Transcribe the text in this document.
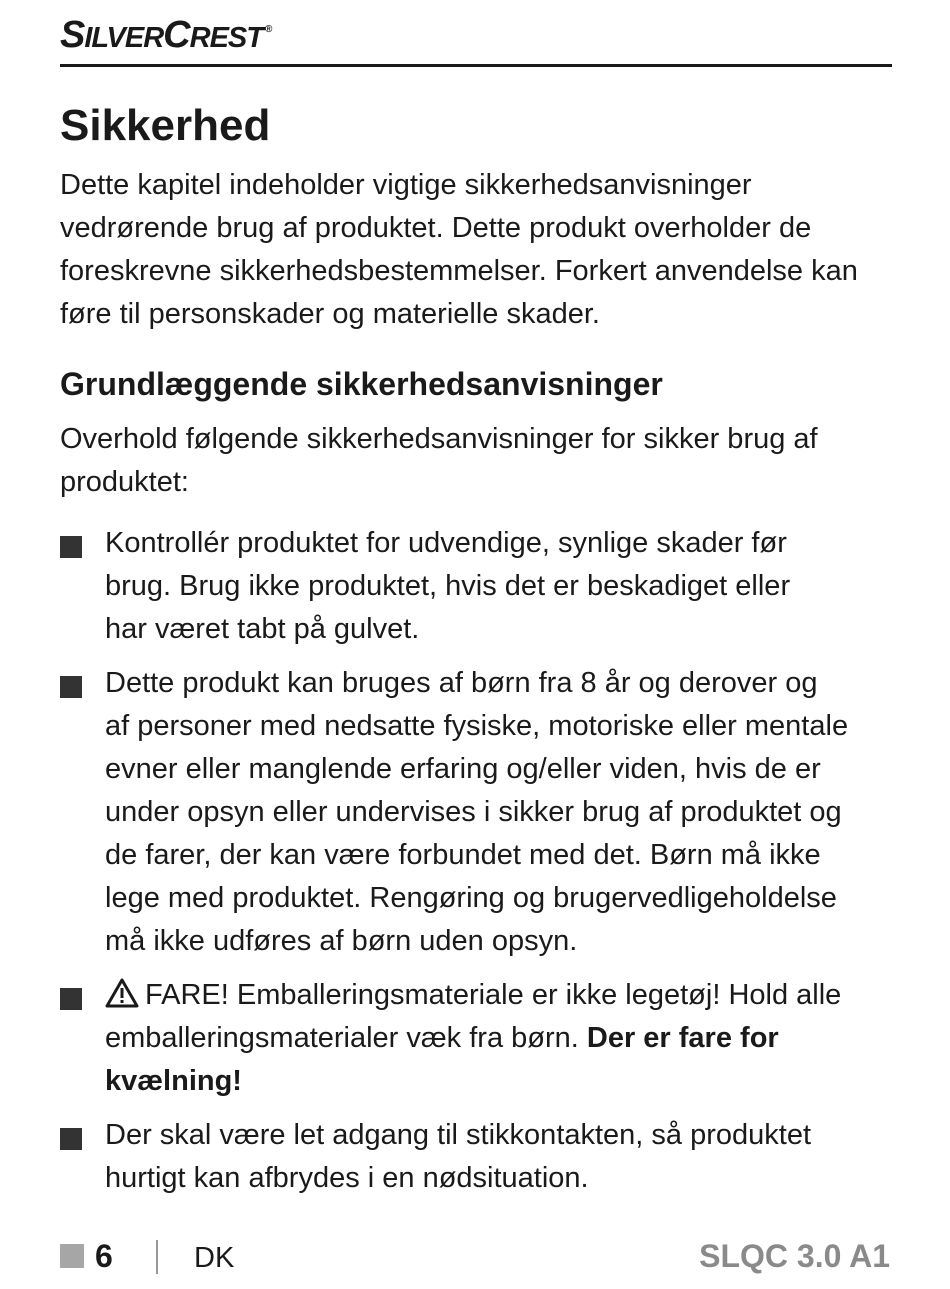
S ILVER C REST ®
Sikkerhed
Dette kapitel indeholder vigtige sikkerhedsanvisninger
vedrørende brug af produktet. Dette produkt overholder de
foreskrevne sikkerhedsbestemmelser. Forkert anvendelse kan
føre til personskader og materielle skader.
Grundlæggende sikkerhedsanvisninger
Overhold følgende sikkerhedsanvisninger for sikker brug af
produktet:
Kontrollér produktet for udvendige, synlige skader før
brug. Brug ikke produktet, hvis det er beskadiget eller
har været tabt på gulvet.
Dette produkt kan bruges af børn fra 8 år og derover og
af personer med nedsatte fysiske, motoriske eller mentale
evner eller manglende erfaring og/eller viden, hvis de er
under opsyn eller undervises i sikker brug af produktet og
de farer, der kan være forbundet med det. Børn må ikke
lege med produktet. Rengøring og brugervedligeholdelse
må ikke udføres af børn uden opsyn.
FARE! Emballeringsmateriale er ikke legetøj! Hold alle
emballeringsmaterialer væk fra børn. Der er fare for
kvælning!
Der skal være let adgang til stikkontakten, så produktet
hurtigt kan afbrydes i en nødsituation.
6	DK	SLQC 3.0 A1
